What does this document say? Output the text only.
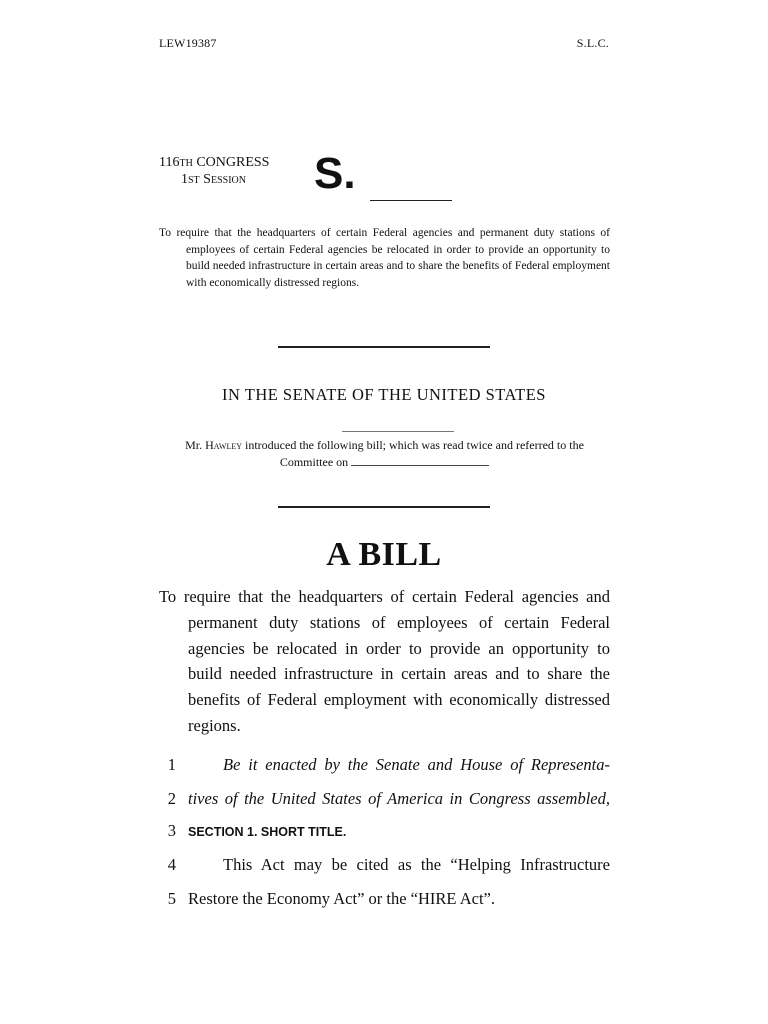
LEW19387	S.L.C.
116TH CONGRESS
1ST Session S.
To require that the headquarters of certain Federal agencies and permanent duty stations of employees of certain Federal agencies be relocated in order to provide an opportunity to build needed infrastructure in certain areas and to share the benefits of Federal employment with economically distressed regions.
IN THE SENATE OF THE UNITED STATES
Mr. Hawley introduced the following bill; which was read twice and referred to the Committee on
A BILL
To require that the headquarters of certain Federal agencies and permanent duty stations of employees of certain Federal agencies be relocated in order to provide an opportunity to build needed infrastructure in certain areas and to share the benefits of Federal employment with economically distressed regions.
1	Be it enacted by the Senate and House of Representa-
2 tives of the United States of America in Congress assembled,
3 SECTION 1. SHORT TITLE.
4	This Act may be cited as the “Helping Infrastructure
5 Restore the Economy Act” or the “HIRE Act”.
